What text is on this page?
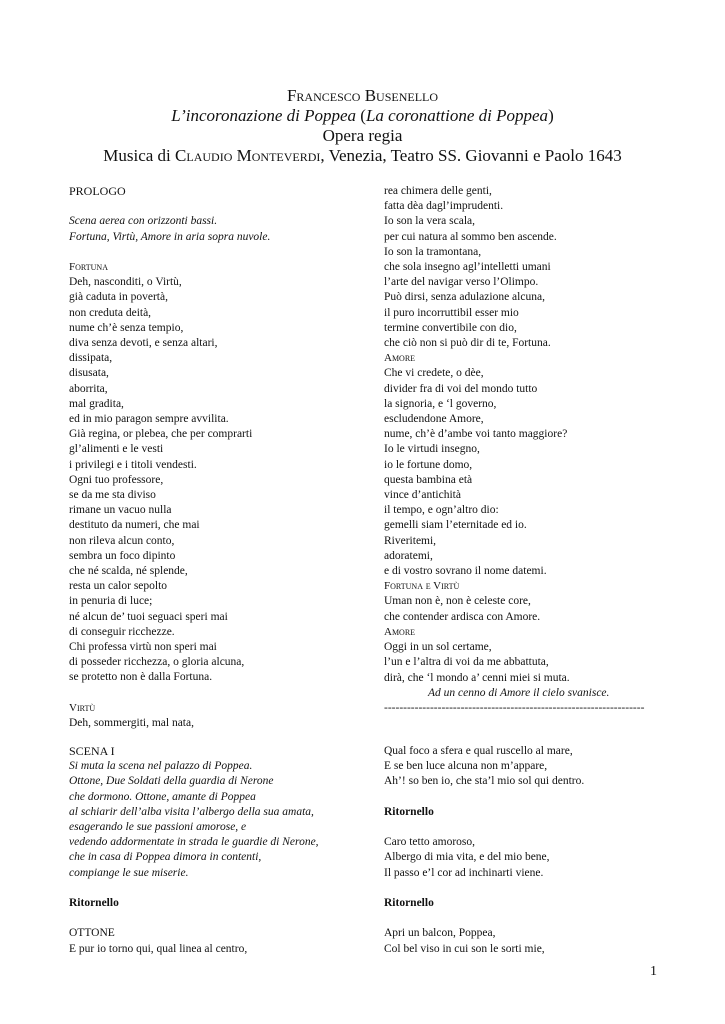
Francesco Busenello
L’incoronazione di Poppea (La coronattione di Poppea)
Opera regia
Musica di Claudio Monteverdi, Venezia, Teatro SS. Giovanni e Paolo 1643
PROLOGO
Scena aerea con orizzonti bassi.
Fortuna, Virtù, Amore in aria sopra nuvole.
Fortuna
Deh, nasconditi, o Virtù,
già caduta in povertà,
non creduta deità,
nume ch’è senza tempio,
diva senza devoti, e senza altari,
dissipata,
disusata,
aborrita,
mal gradita,
ed in mio paragon sempre avvilita.
Già regina, or plebea, che per comprarti
gl’alimenti e le vesti
i privilegi e i titoli vendesti.
Ogni tuo professore,
se da me sta diviso
rimane un vacuo nulla
destituto da numeri, che mai
non rileva alcun conto,
sembra un foco dipinto
che né scalda, né splende,
resta un calor sepolto
in penuria di luce;
né alcun de’ tuoi seguaci speri mai
di conseguir ricchezze.
Chi professa virtù non speri mai
di posseder ricchezza, o gloria alcuna,
se protetto non è dalla Fortuna.
Virtù
Deh, sommergiti, mal nata,
rea chimera delle genti,
fatta dèa dagl’imprudenti.
Io son la vera scala,
per cui natura al sommo ben ascende.
Io son la tramontana,
che sola insegno agl’intelletti umani
l’arte del navigar verso l’Olimpo.
Può dirsi, senza adulazione alcuna,
il puro incorruttibil esser mio
termine convertibile con dio,
che ciò non si può dir di te, Fortuna.
Amore
Che vi credete, o dèe,
divider fra di voi del mondo tutto
la signoria, e ‘l governo,
escludendone Amore,
nume, ch’è d’ambe voi tanto maggiore?
Io le virtudi insegno,
io le fortune domo,
questa bambina età
vince d’antichità
il tempo, e ogn’altro dio:
gemelli siam l’eternitade ed io.
Riveritemi,
adoratemi,
e di vostro sovrano il nome datemi.
Fortuna e Virtù
Uman non è, non è celeste core,
che contender ardisca con Amore.
Amore
Oggi in un sol certame,
l’un e l’altra di voi da me abbattuta,
dirà, che ‘l mondo a’ cenni miei si muta.
Ad un cenno di Amore il cielo svanisce.
--------------------------------------------------------------------
SCENA I
Si muta la scena nel palazzo di Poppea.
Ottone, Due Soldati della guardia di Nerone
che dormono. Ottone, amante di Poppea
al schiarir dell’alba visita l’albergo della sua amata,
esagerando le sue passioni amorose, e
vedendo addormentate in strada le guardie di Nerone,
che in casa di Poppea dimora in contenti,
compiange le sue miserie.
Ritornello
OTTONE
E pur io torno qui, qual linea al centro,
Qual foco a sfera e qual ruscello al mare,
E se ben luce alcuna non m’appare,
Ah’! so ben io, che sta’l mio sol qui dentro.
Ritornello
Caro tetto amoroso,
Albergo di mia vita, e del mio bene,
Il passo e’l cor ad inchinarti viene.
Ritornello
Apri un balcon, Poppea,
Col bel viso in cui son le sorti mie,
1
